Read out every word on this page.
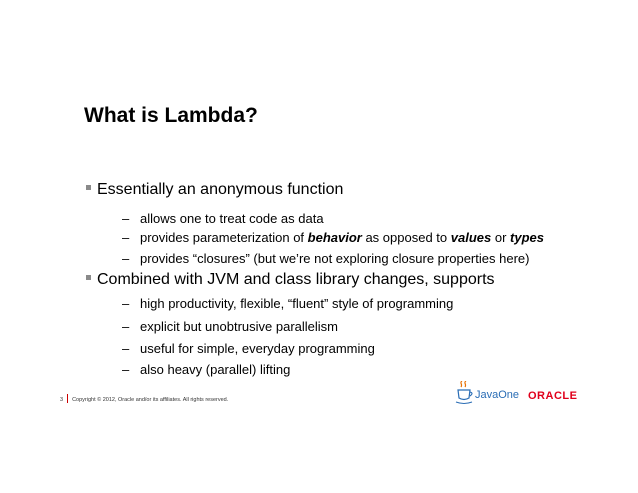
What is Lambda?
Essentially an anonymous function
– allows one to treat code as data
– provides parameterization of behavior as opposed to values or types
– provides “closures” (but we’re not exploring closure properties here)
Combined with JVM and class library changes, supports
– high productivity, flexible, “fluent” style of programming
– explicit but unobtrusive parallelism
– useful for simple, everyday programming
– also heavy (parallel) lifting
3 Copyright © 2012, Oracle and/or its affiliates. All rights reserved.	JavaOne ORACLE
